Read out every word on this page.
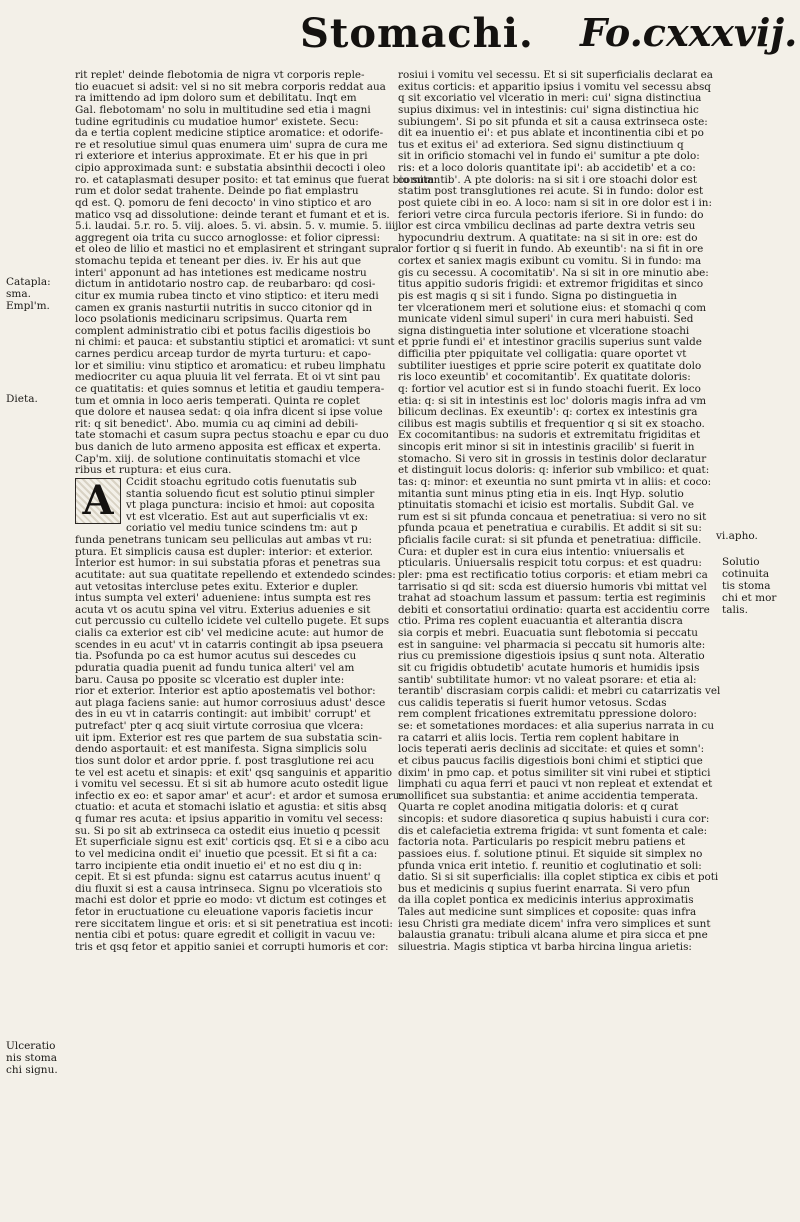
Stomachi. Fo.cxxxvij.
Catapla:
sma.
Empl'm.
Dieta.
Ulceratio
nis stoma
chi signu.
vi.apho.
Solutio
cotinuita
tis stoma
chi et mor
talis.
rit replet' deinde flebotomia de nigra vt corporis reple-
tio euacuet si adsit: vel si no sit mebra corporis reddat aua
ra imittendo ad ipm doloro sum et debilitatu. Inqt em
Gal. flebotomam' no solu in multitudine sed etia i magni
tudine egritudinis cu mudatioe humor' existete. Secu:
da e tertia coplent medicine stiptice aromatice: et odorife-
re et resolutiue simul quas enumera uim' supra de cura me
ri exteriore et interius approximate. Et er his que in pri
cipio approximada sunt: e substatia absinthii decocti i oleo
ro. et cataplasmati desuper posito: et tat eminus que fuerat bio sum
rum et dolor sedat trahente. Deinde po fiat emplastru
qd est. Q. pomoru de feni decocto' in vino stiptico et aro
matico vsq ad dissolutione: deinde terant et fumant et et is.
5.i. laudai. 5.r. ro. 5. viij. aloes. 5. vi. absin. 5. v. mumie. 5. iiij.
aggregent oia trita cu succo arnoglosse: et folior cipressi:
et oleo de lilio et mastici no et emplasirent et stringant supra
stomachu tepida et teneant per dies. iv. Er his aut que
interi' apponunt ad has intetiones est medicame nostru
dictum in antidotario nostro cap. de reubarbaro: qd cosi-
citur ex mumia rubea tincto et vino stiptico: et iteru medi
camen ex granis nasturtii nutritis in succo citonior qd in
loco psolationis medicinaru scripsimus. Quarta rem
complent administratio cibi et potus facilis digestiois bo
ni chimi: et pauca: et substantiu stiptici et aromatici: vt sunt
carnes perdicu arceap turdor de myrta turturu: et capo-
lor et similiu: vinu stiptico et aromaticu: et rubeu limphatu
mediocriter cu aqua pluuia lit vel ferrata. Et oi vt sint pau
ce quatitatis: et quies somnus et letitia et gaudiu tempera-
tum et omnia in loco aeris temperati. Quinta re coplet
que dolore et nausea sedat: q oia infra dicent si ipse volue
rit: q sit benedict'. Abo. mumia cu aq cimini ad debili-
tate stomachi et casum supra pectus stoachu e epar cu duo
bus danich de luto armeno apposita est efficax et experta.
Cap'm. xiij. de solutione continuitatis stomachi et vlce
ribus et ruptura: et eius cura.
A	Ccidit stoachu egritudo cotis fuenutatis sub
stantia soluendo ficut est solutio ptinui simpler
vt plaga punctura: incisio et hmoi: aut coposita
vt est vlceratio. Est aut aut superficialis vt ex:
coriatio vel mediu tunice scindens tm: aut p
funda penetrans tunicam seu pelliculas aut ambas vt ru:
ptura. Et simplicis causa est dupler: interior: et exterior.
Interior est humor: in sui substatia pforas et penetras sua
acutitate: aut sua quatitate repellendo et extendedo scindes:
aut vetositas intercluse petes exitu. Exterior e dupler.
intus sumpta vel exteri' adueniene: intus sumpta est res
acuta vt os acutu spina vel vitru. Exterius aduenies e sit
cut percussio cu cultello icidete vel cultello pugete. Et sups
cialis ca exterior est cib' vel medicine acute: aut humor de
scendes in eu acut' vt in catarris contingit ab ipsa pseuera
tia. Psofunda po ca est humor acutus sui descedes cu
pduratia quadia puenit ad fundu tunica alteri' vel am
baru. Causa po pposite sc vlceratio est dupler inte:
rior et exterior. Interior est aptio apostematis vel bothor:
aut plaga faciens sanie: aut humor corrosiuus adust' desce
des in eu vt in catarris contingit: aut imbibit' corrupt' et
putrefact' pter q acq siuit virtute corrosiua que vlcera:
uit ipm. Exterior est res que partem de sua substatia scin-
dendo asportauit: et est manifesta. Signa simplicis solu
tios sunt dolor et ardor pprie. f. post trasglutione rei acu
te vel est acetu et sinapis: et exit' qsq sanguinis et apparitio
i vomitu vel secessu. Et si sit ab humore acuto ostedit ligue
infectio ex eo: et sapor amar' et acur': et ardor et sumosa eru:
ctuatio: et acuta et stomachi islatio et agustia: et sitis absq
q fumar res acuta: et ipsius apparitio in vomitu vel secess:
su. Si po sit ab extrinseca ca ostedit eius inuetio q pcessit
Et superficiale signu est exit' corticis qsq. Et si e a cibo acu
to vel medicina ondit ei' inuetio que pcessit. Et si fit a ca:
tarro incipiente etia ondit inuetio ei' et no est diu q in:
cepit. Et si est pfunda: signu est catarrus acutus inuent' q
diu fluxit si est a causa intrinseca. Signu po vlceratiois sto
machi est dolor et pprie eo modo: vt dictum est cotinges et
fetor in eructuatione cu eleuatione vaporis facietis incur
rere siccitatem lingue et oris: et si sit penetratiua est incoti:
nentia cibi et potus: quare egredit et colligit in vacuu ve:
tris et qsq fetor et appitio saniei et corrupti humoris et cor:
rosiui i vomitu vel secessu. Et si sit superficialis declarat ea
exitus corticis: et apparitio ipsius i vomitu vel secessu absq
q sit excoriatio vel vlceratio in meri: cui' signa distinctiua
supius diximus: vel in intestinis: cui' signa distinctiua hic
subiungem'. Si po sit pfunda et sit a causa extrinseca oste:
dit ea inuentio ei': et pus ablate et incontinentia cibi et po
tus et exitus ei' ad exteriora. Sed signu distinctiuum q
sit in orificio stomachi vel in fundo ei' sumitur a pte dolo:
ris: et a loco doloris quantitate ipi': ab accidetib' et a co:
comitantib'. A pte doloris: na si sit i ore stoachi dolor est
statim post transglutiones rei acute. Si in fundo: dolor est
post quiete cibi in eo. A loco: nam si sit in ore dolor est i in:
feriori vetre circa furcula pectoris iferiore. Si in fundo: do
lor est circa vmbilicu declinas ad parte dextra vetris seu
hypocundriu dextrum. A quatitate: na si sit in ore: est do
lor fortior q si fuerit in fundo. Ab exeuntib': na si fit in ore
cortex et saniex magis exibunt cu vomitu. Si in fundo: ma
gis cu secessu. A cocomitatib'. Na si sit in ore minutio abe:
titus appitio sudoris frigidi: et extremor frigiditas et sinco
pis est magis q si sit i fundo. Signa po distinguetia in
ter vlcerationem meri et solutione eius: et stomachi q com
municate videnl simul superi' in cura meri habuisti. Sed
signa distinguetia inter solutione et vlceratione stoachi
et pprie fundi ei' et intestinor gracilis superius sunt valde
difficilia pter ppiquitate vel colligatia: quare oportet vt
subtiliter iuestiges et pprie scire poterit ex quatitate dolo
ris loco exeuntib' et cocomitantib'. Ex quatitate doloris:
q: fortior vel acutior est si in fundo stoachi fuerit. Ex loco
etia: q: si sit in intestinis est loc' doloris magis infra ad vm
bilicum declinas. Ex exeuntib': q: cortex ex intestinis gra
cilibus est magis subtilis et frequentior q si sit ex stoacho.
Ex cocomitantibus: na sudoris et extremitatu frigiditas et
sincopis erit minor si sit in intestinis gracilib' si fuerit in
stomacho. Si vero sit in grossis in testinis dolor declaratur
et distinguit locus doloris: q: inferior sub vmbilico: et quat:
tas: q: minor: et exeuntia no sunt pmirta vt in aliis: et coco:
mitantia sunt minus pting etia in eis. Inqt Hyp. solutio
ptinuitatis stomachi et icisio est mortalis. Subdit Gal. ve
rum est si sit pfunda concaua et penetratiua: si vero no sit
pfunda pcaua et penetratiua e curabilis. Et addit si sit su:
pficialis facile curat: si sit pfunda et penetratiua: difficile.
Cura: et dupler est in cura eius intentio: vniuersalis et
pticularis. Uniuersalis respicit totu corpus: et est quadru:
pler: pma est rectificatio totius corporis: et etiam mebri ca
tarrisatio si qd sit: scda est diuersio humoris vbi mittat vel
trahat ad stoachum lassum et passum: tertia est regiminis
debiti et consortatiui ordinatio: quarta est accidentiu corre
ctio. Prima res coplent euacuantia et alterantia discra
sia corpis et mebri. Euacuatia sunt flebotomia si peccatu
est in sanguine: vel pharmacia si peccatu sit humoris alte:
rius cu premissione digestiois ipsius q sunt nota. Alteratio
sit cu frigidis obtudetib' acutate humoris et humidis ipsis
santib' subtilitate humor: vt no valeat psorare: et etia al:
terantib' discrasiam corpis calidi: et mebri cu catarrizatis vel
cus calidis teperatis si fuerit humor vetosus. Scdas
rem complent fricationes extremitatu ppressione doloro:
se: et sometationes mordaces: et alia superius narrata in cu
ra catarri et aliis locis. Tertia rem coplent habitare in
locis teperati aeris declinis ad siccitate: et quies et somn':
et cibus paucus facilis digestiois boni chimi et stiptici que
dixim' in pmo cap. et potus similiter sit vini rubei et stiptici
limphati cu aqua ferri et pauci vt non repleat et extendat et
mollificet sua substantia: et anime accidentia temperata.
Quarta re coplet anodina mitigatia doloris: et q curat
sincopis: et sudore diasoretica q supius habuisti i cura cor:
dis et calefacietia extrema frigida: vt sunt fomenta et cale:
factoria nota. Particularis po respicit mebru patiens et
passioes eius. f. solutione ptinui. Et siquide sit simplex no
pfunda vnica erit intetio. f. reunitio et coglutinatio et soli:
datio. Si si sit superficialis: illa coplet stiptica ex cibis et poti
bus et medicinis q supius fuerint enarrata. Si vero pfun
da illa coplet pontica ex medicinis interius approximatis
Tales aut medicine sunt simplices et coposite: quas infra
iesu Christi gra mediate dicem' infra vero simplices et sunt
balaustia granatu: tribuli alcana alume et pira sicca et pne
siluestria. Magis stiptica vt barba hircina lingua arietis:
